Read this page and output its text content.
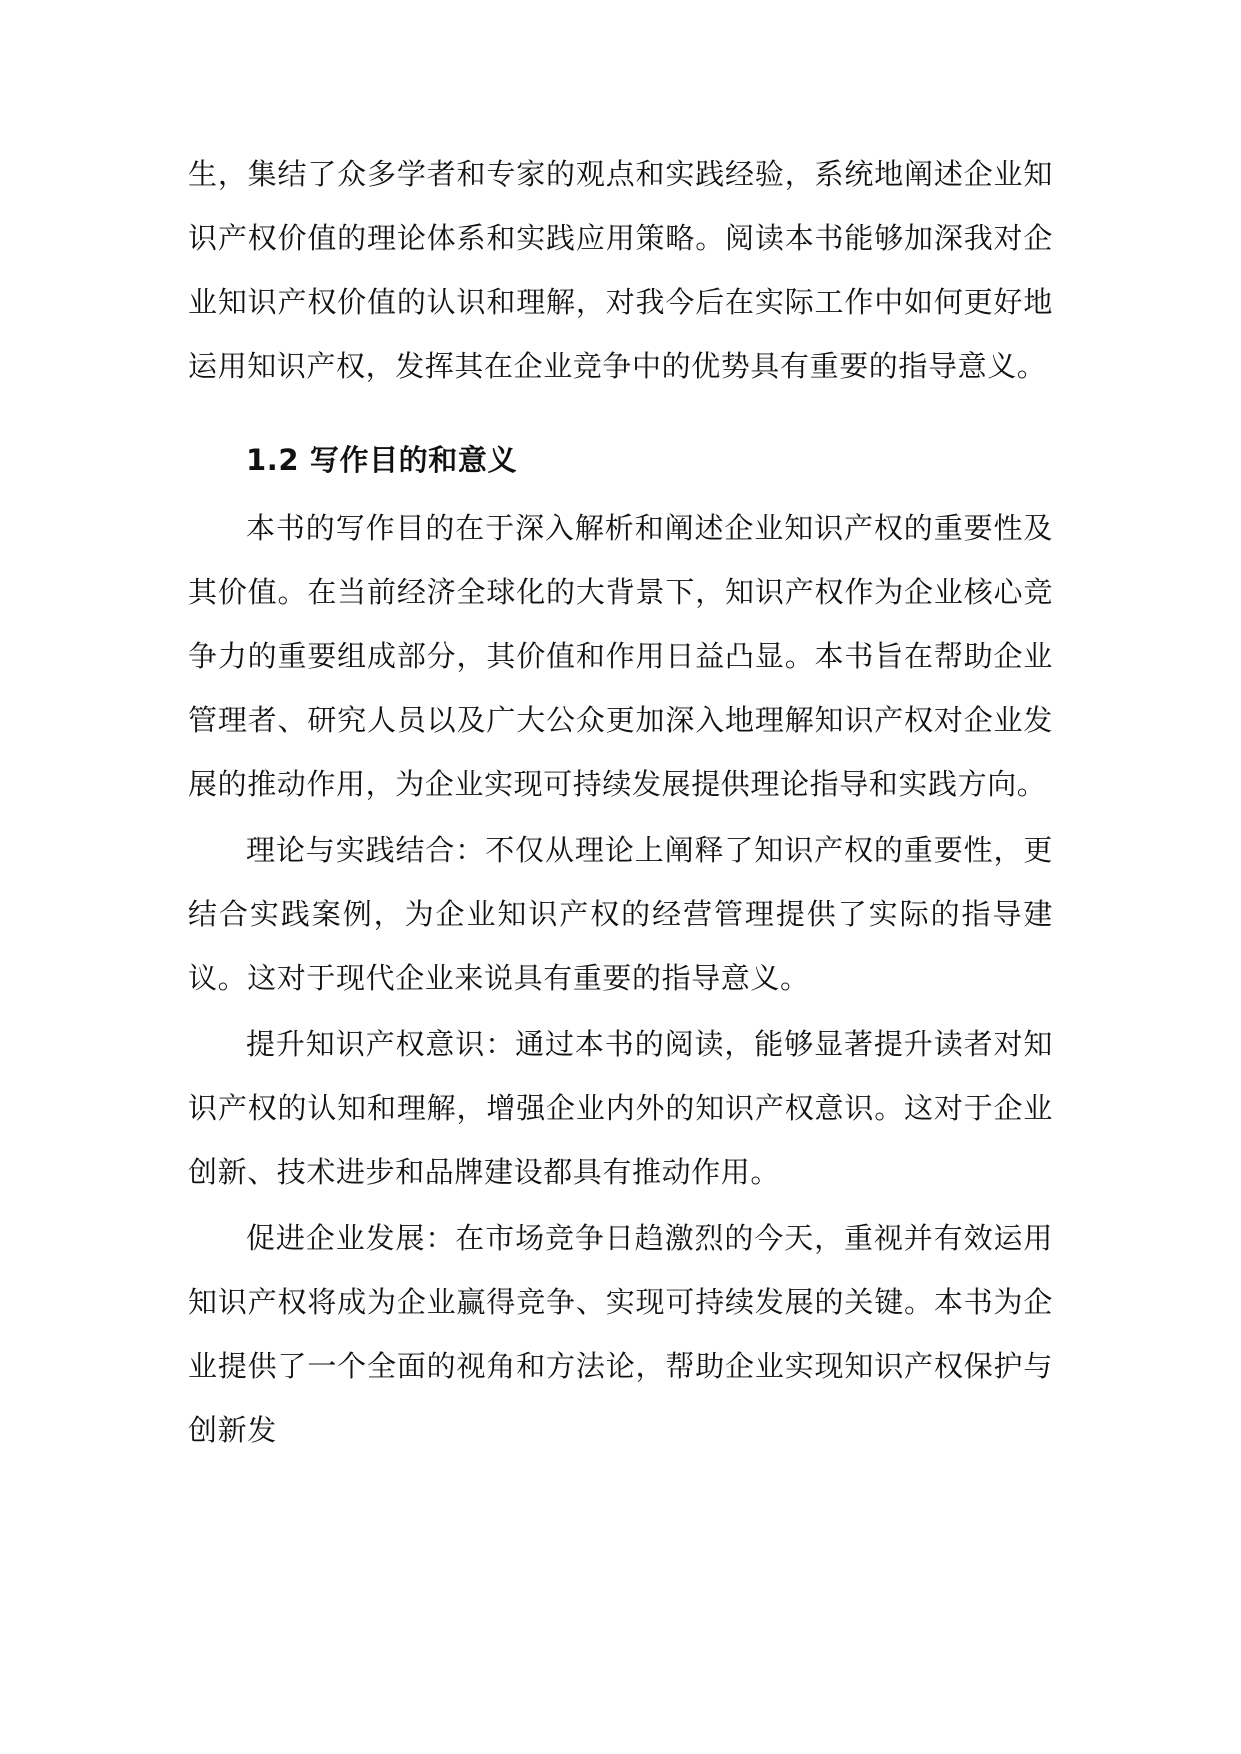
生，集结了众多学者和专家的观点和实践经验，系统地阐述企业知识产权价值的理论体系和实践应用策略。阅读本书能够加深我对企业知识产权价值的认识和理解，对我今后在实际工作中如何更好地运用知识产权，发挥其在企业竞争中的优势具有重要的指导意义。

1.2 写作目的和意义

本书的写作目的在于深入解析和阐述企业知识产权的重要性及其价值。在当前经济全球化的大背景下，知识产权作为企业核心竞争力的重要组成部分，其价值和作用日益凸显。本书旨在帮助企业管理者、研究人员以及广大公众更加深入地理解知识产权对企业发展的推动作用，为企业实现可持续发展提供理论指导和实践方向。

理论与实践结合：不仅从理论上阐释了知识产权的重要性，更结合实践案例，为企业知识产权的经营管理提供了实际的指导建议。这对于现代企业来说具有重要的指导意义。

提升知识产权意识：通过本书的阅读，能够显著提升读者对知识产权的认知和理解，增强企业内外的知识产权意识。这对于企业创新、技术进步和品牌建设都具有推动作用。

促进企业发展：在市场竞争日趋激烈的今天，重视并有效运用知识产权将成为企业赢得竞争、实现可持续发展的关键。本书为企业提供了一个全面的视角和方法论，帮助企业实现知识产权保护与创新发
